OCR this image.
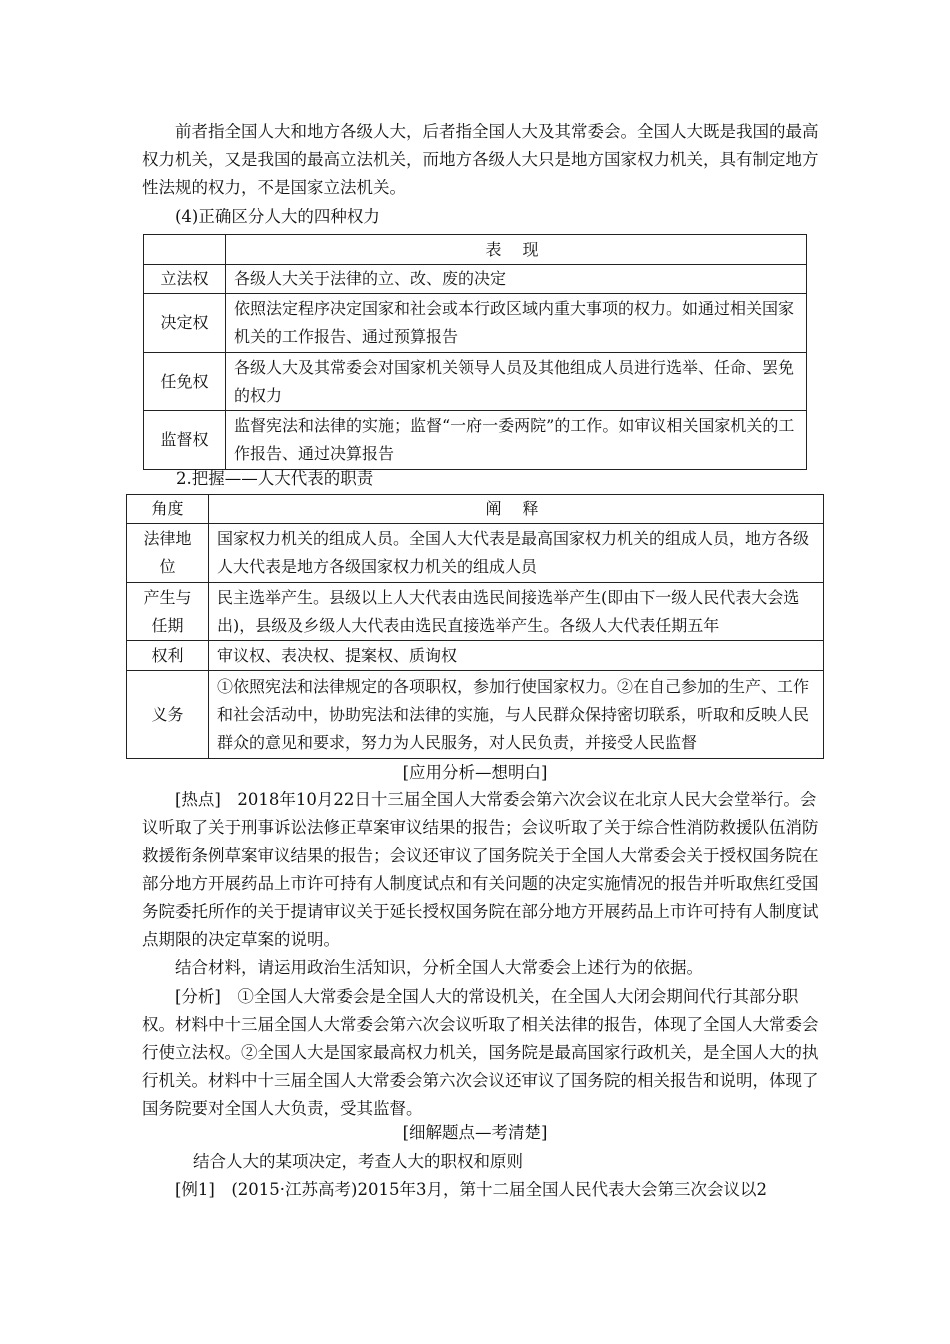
前者指全国人大和地方各级人大，后者指全国人大及其常委会。全国人大既是我国的最高权力机关，又是我国的最高立法机关，而地方各级人大只是地方国家权力机关，具有制定地方性法规的权力，不是国家立法机关。

(4)正确区分人大的四种权力

	表 现
立法权	各级人大关于法律的立、改、废的决定
决定权	依照法定程序决定国家和社会或本行政区域内重大事项的权力。如通过相关国家机关的工作报告、通过预算报告
任免权	各级人大及其常委会对国家机关领导人员及其他组成人员进行选举、任命、罢免的权力
监督权	监督宪法和法律的实施；监督“一府一委两院”的工作。如审议相关国家机关的工作报告、通过决算报告

2.把握——人大代表的职责

角度	阐 释
法律地位	国家权力机关的组成人员。全国人大代表是最高国家权力机关的组成人员，地方各级人大代表是地方各级国家权力机关的组成人员
产生与任期	民主选举产生。县级以上人大代表由选民间接选举产生(即由下一级人民代表大会选出)，县级及乡级人大代表由选民直接选举产生。各级人大代表任期五年
权利	审议权、表决权、提案权、质询权
义务	①依照宪法和法律规定的各项职权，参加行使国家权力。②在自己参加的生产、工作和社会活动中，协助宪法和法律的实施，与人民群众保持密切联系，听取和反映人民群众的意见和要求，努力为人民服务，对人民负责，并接受人民监督
[应用分析—想明白]

[热点]　2018年10月22日十三届全国人大常委会第六次会议在北京人民大会堂举行。会议听取了关于刑事诉讼法修正草案审议结果的报告；会议听取了关于综合性消防救援队伍消防救援衔条例草案审议结果的报告；会议还审议了国务院关于全国人大常委会关于授权国务院在部分地方开展药品上市许可持有人制度试点和有关问题的决定实施情况的报告并听取焦红受国务院委托所作的关于提请审议关于延长授权国务院在部分地方开展药品上市许可持有人制度试点期限的决定草案的说明。

结合材料，请运用政治生活知识，分析全国人大常委会上述行为的依据。

[分析]　①全国人大常委会是全国人大的常设机关，在全国人大闭会期间代行其部分职权。材料中十三届全国人大常委会第六次会议听取了相关法律的报告，体现了全国人大常委会行使立法权。②全国人大是国家最高权力机关，国务院是最高国家行政机关，是全国人大的执行机关。材料中十三届全国人大常委会第六次会议还审议了国务院的相关报告和说明，体现了国务院要对全国人大负责，受其监督。

[细解题点—考清楚]

结合人大的某项决定，考查人大的职权和原则

[例1]　(2015·江苏高考)2015年3月，第十二届全国人民代表大会第三次会议以2
